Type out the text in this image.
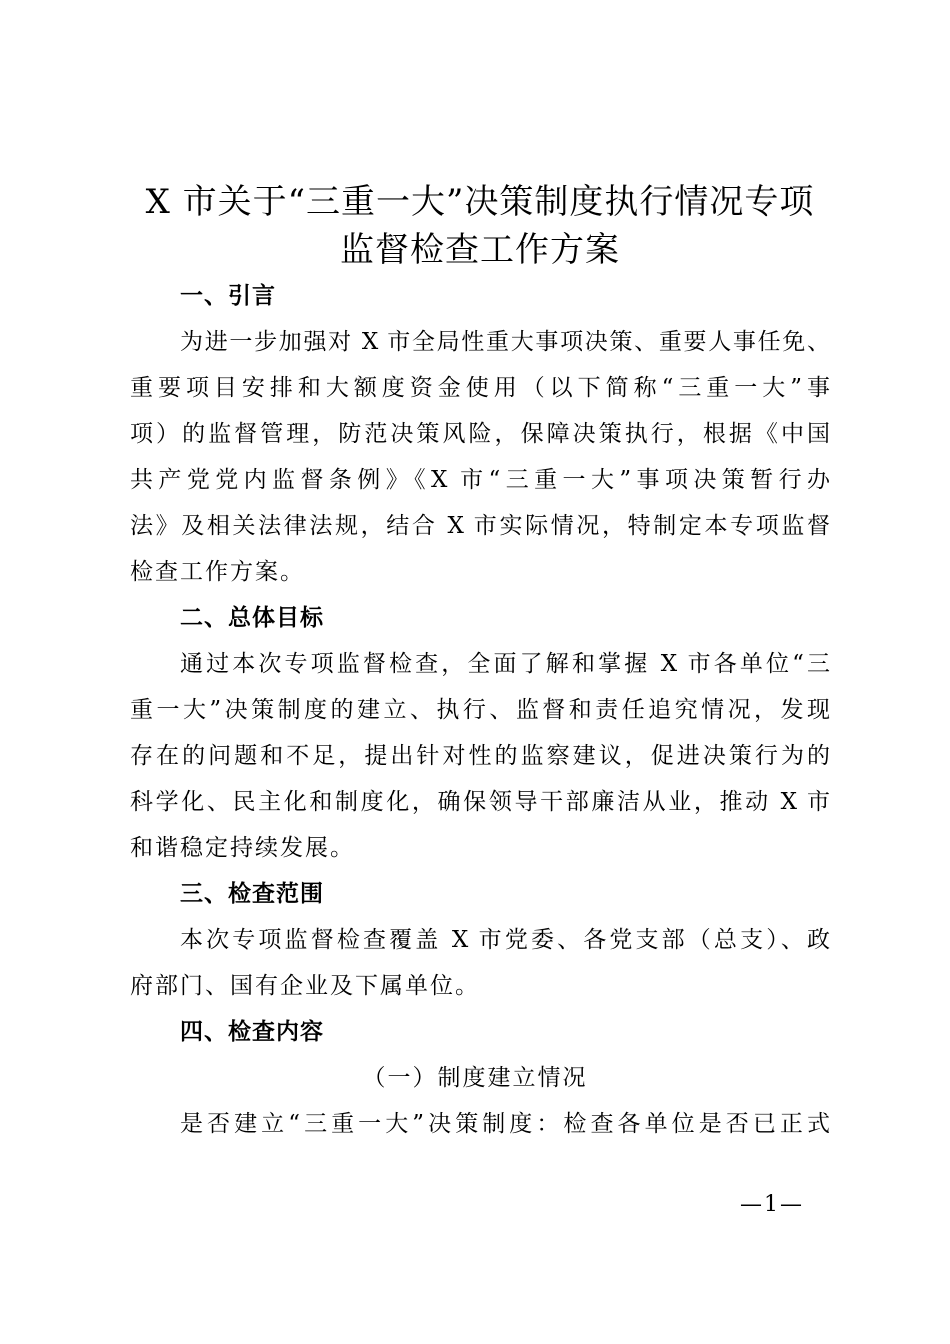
X 市关于“三重一大”决策制度执行情况专项
监督检查工作方案
一、引言
为进一步加强对 X 市全局性重大事项决策、重要人事任免、
重要项目安排和大额度资金使用（以下简称“三重一大”事
项）的监督管理，防范决策风险，保障决策执行，根据《中国
共产党党内监督条例》《X 市“三重一大”事项决策暂行办
法》及相关法律法规，结合 X 市实际情况，特制定本专项监督
检查工作方案。
二、总体目标
通过本次专项监督检查，全面了解和掌握 X 市各单位“三
重一大”决策制度的建立、执行、监督和责任追究情况，发现
存在的问题和不足，提出针对性的监察建议，促进决策行为的
科学化、民主化和制度化，确保领导干部廉洁从业，推动 X 市
和谐稳定持续发展。
三、检查范围
本次专项监督检查覆盖 X 市党委、各党支部（总支）、政
府部门、国有企业及下属单位。
四、检查内容
（一）制度建立情况
是否建立“三重一大”决策制度：检查各单位是否已正式
—1—
